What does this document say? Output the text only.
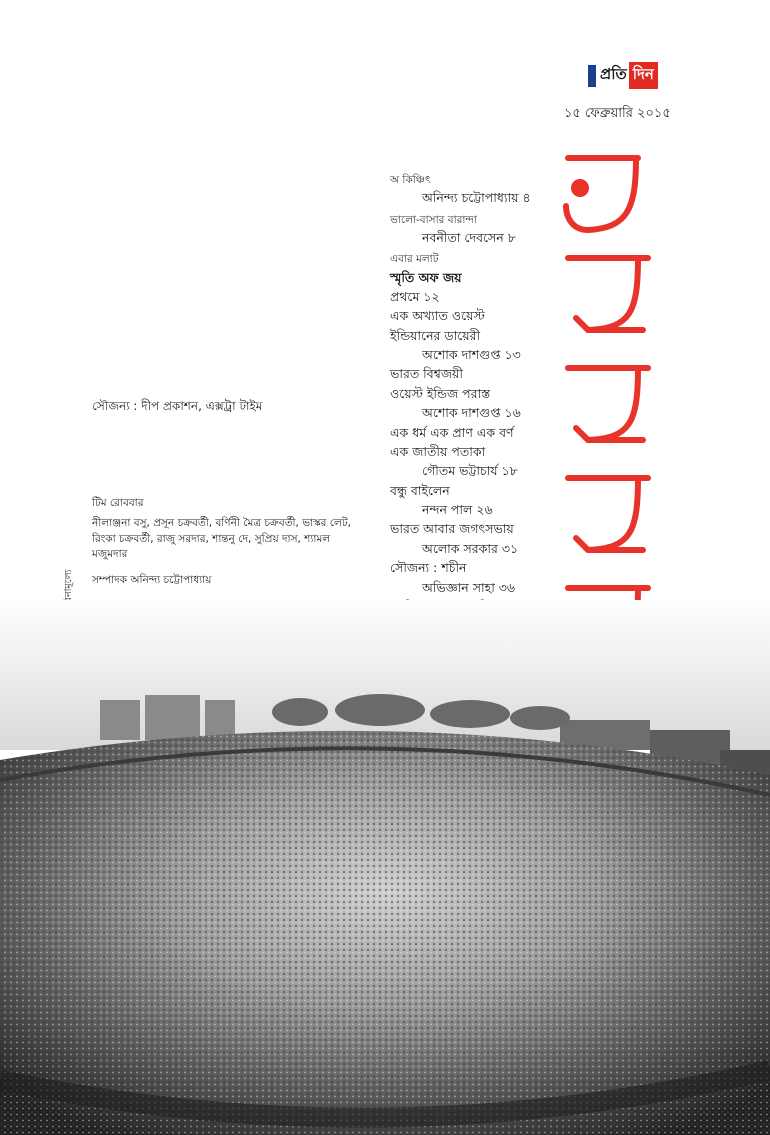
প্রতি দিন
১৫ ফেব্রুয়ারি ২০১৫
অ কিঞ্চিৎ
অনিন্দ্য চট্টোপাধ্যায় ৪
ভালো-বাসার বারান্দা
নবনীতা দেবসেন ৮
এবার মলাট
স্মৃতি অফ জয়
প্রথমে ১২
এক অখ্যাত ওয়েস্ট
ইন্ডিয়ানের ডায়েরী
অশোক দাশগুপ্ত ১৩
ভারত বিশ্বজয়ী
ওয়েস্ট ইন্ডিজ পরাস্ত
অশোক দাশগুপ্ত ১৬
এক ধর্ম এক প্রাণ এক বর্ণ
এক জাতীয় পতাকা
গৌতম ভট্টাচার্য ১৮
বন্ধু বাইলেন
নন্দন পাল ২৬
ভারত আবার জগৎসভায়
অলোক সরকার ৩১
সৌজন্য : শচীন
অভিজ্ঞান সাহা ৩৬
সৌজন্য : দীপ প্রকাশন, এক্সট্রা টাইম
টিম রোববার
নীলাঞ্জনা বসু, প্রসূন চক্রবর্তী, বর্ণিনী মৈত্র চক্রবর্তী, ভাস্কর লেট, রিংকা চক্রবর্তী, রাজু সরদার, শান্তনু দে, সুপ্রিয় দাস, শ্যামল মজুমদার
সম্পাদক অনিন্দ্য চট্টোপাধ্যায়
